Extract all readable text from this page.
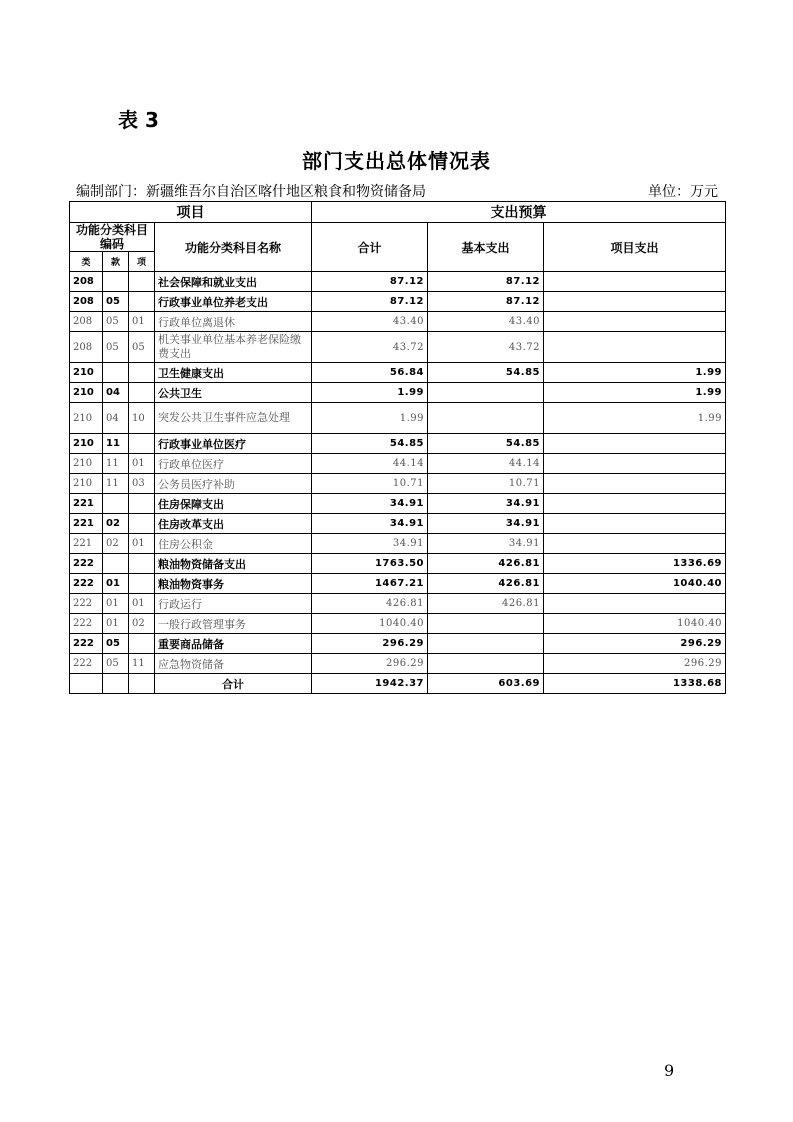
表 3
部门支出总体情况表
编制部门：新疆维吾尔自治区喀什地区粮食和物资储备局	单位：万元
项目				支出预算		
功能分类科目编码			功能分类科目名称	合计	基本支出	项目支出
类	款	项				
208			社会保障和就业支出	87.12	87.12	
208	05		行政事业单位养老支出	87.12	87.12	
208	05	01	行政单位离退休	43.40	43.40	
208	05	05	机关事业单位基本养老保险缴费支出	43.72	43.72	
210			卫生健康支出	56.84	54.85	1.99
210	04		公共卫生	1.99		1.99
210	04	10	突发公共卫生事件应急处理	1.99		1.99
210	11		行政事业单位医疗	54.85	54.85	
210	11	01	行政单位医疗	44.14	44.14	
210	11	03	公务员医疗补助	10.71	10.71	
221			住房保障支出	34.91	34.91	
221	02		住房改革支出	34.91	34.91	
221	02	01	住房公积金	34.91	34.91	
222			粮油物资储备支出	1763.50	426.81	1336.69
222	01		粮油物资事务	1467.21	426.81	1040.40
222	01	01	行政运行	426.81	426.81	
222	01	02	一般行政管理事务	1040.40		1040.40
222	05		重要商品储备	296.29		296.29
222	05	11	应急物资储备	296.29		296.29
			合计	1942.37	603.69	1338.68
9
